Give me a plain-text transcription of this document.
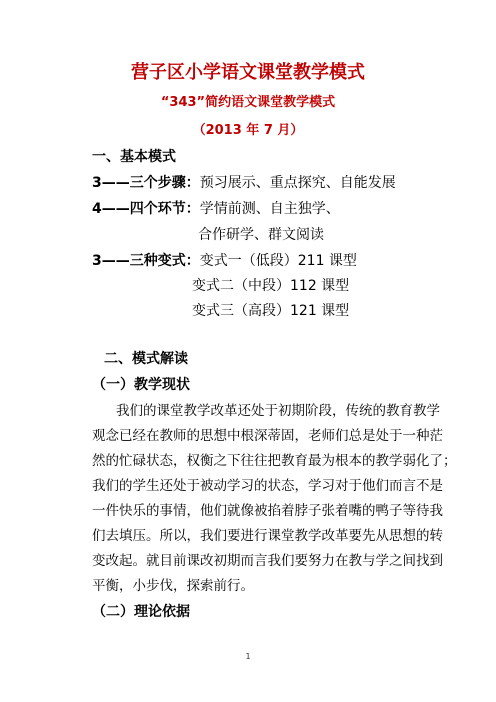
营子区小学语文课堂教学模式
“343”简约语文课堂教学模式
（2013 年 7 月）
一、基本模式
3——三个步骤：预习展示、重点探究、自能发展
4——四个环节：学情前测、自主独学、
合作研学、群文阅读
3——三种变式：变式一（低段）211 课型
变式二（中段）112 课型
变式三（高段）121 课型
二、模式解读
（一）教学现状
我们的课堂教学改革还处于初期阶段，传统的教育教学
观念已经在教师的思想中根深蒂固，老师们总是处于一种茫
然的忙碌状态，权衡之下往往把教育最为根本的教学弱化了；
我们的学生还处于被动学习的状态，学习对于他们而言不是
一件快乐的事情，他们就像被掐着脖子张着嘴的鸭子等待我
们去填压。所以，我们要进行课堂教学改革要先从思想的转
变改起。就目前课改初期而言我们要努力在教与学之间找到
平衡，小步伐，探索前行。
（二）理论依据
1
